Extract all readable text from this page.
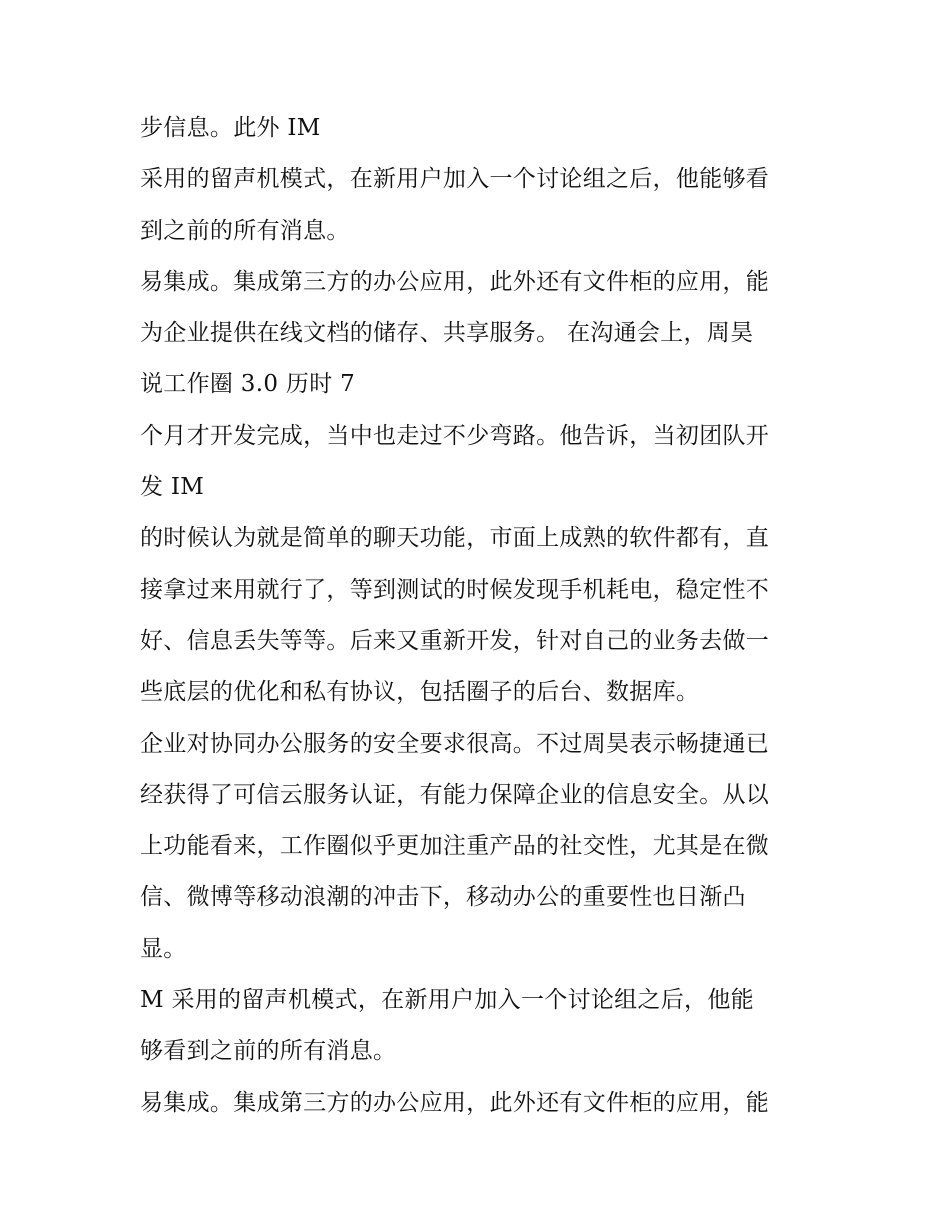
步信息。此外 IM
采用的留声机模式，在新用户加入一个讨论组之后，他能够看
到之前的所有消息。
易集成。集成第三方的办公应用，此外还有文件柜的应用，能
为企业提供在线文档的储存、共享服务。 在沟通会上，周昊
说工作圈 3.0 历时 7
个月才开发完成，当中也走过不少弯路。他告诉，当初团队开
发 IM
的时候认为就是简单的聊天功能，市面上成熟的软件都有，直
接拿过来用就行了，等到测试的时候发现手机耗电，稳定性不
好、信息丢失等等。后来又重新开发，针对自己的业务去做一
些底层的优化和私有协议，包括圈子的后台、数据库。
企业对协同办公服务的安全要求很高。不过周昊表示畅捷通已
经获得了可信云服务认证，有能力保障企业的信息安全。从以
上功能看来，工作圈似乎更加注重产品的社交性，尤其是在微
信、微博等移动浪潮的冲击下，移动办公的重要性也日渐凸
显。
M 采用的留声机模式，在新用户加入一个讨论组之后，他能
够看到之前的所有消息。
易集成。集成第三方的办公应用，此外还有文件柜的应用，能
